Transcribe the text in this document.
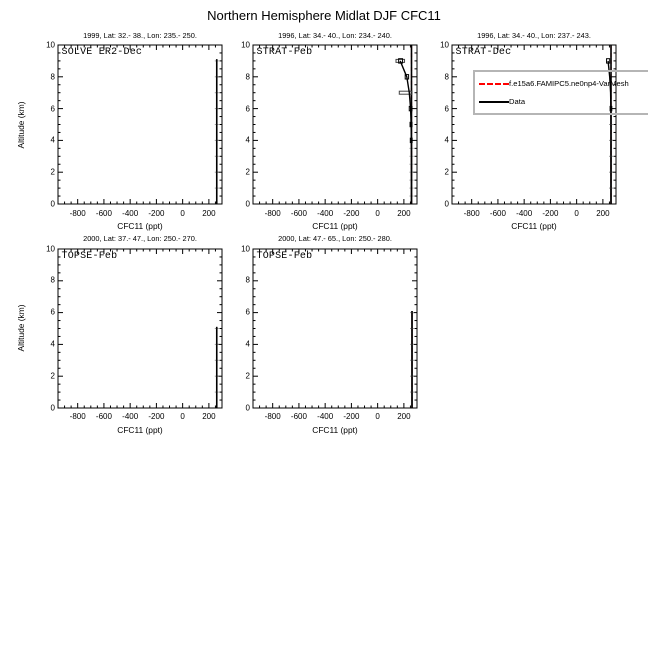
Northern Hemisphere Midlat DJF CFC11
f.e15a6.FAMIPC5.ne0np4-VarMesh
Data
1999, Lat: 32.- 38., Lon: 235.- 250.
SOLVE ER2-Dec
0
2
4
6
8
10
-800 -600 -400 -200 0 200
CFC11 (ppt)
Altitude (km)
1996, Lat: 34.- 40., Lon: 234.- 240.
STRAT-Feb
0
2
4
6
8
10
-800 -600 -400 -200 0 200
CFC11 (ppt)
1996, Lat: 34.- 40., Lon: 237.- 243.
STRAT-Dec
0
2
4
6
8
10
-800 -600 -400 -200 0 200
CFC11 (ppt)
2000, Lat: 37.- 47., Lon: 250.- 270.
TOPSE-Feb
0
2
4
6
8
10
-800 -600 -400 -200 0 200
CFC11 (ppt)
Altitude (km)
2000, Lat: 47.- 65., Lon: 250.- 280.
TOPSE-Feb
0
2
4
6
8
10
-800 -600 -400 -200 0 200
CFC11 (ppt)
